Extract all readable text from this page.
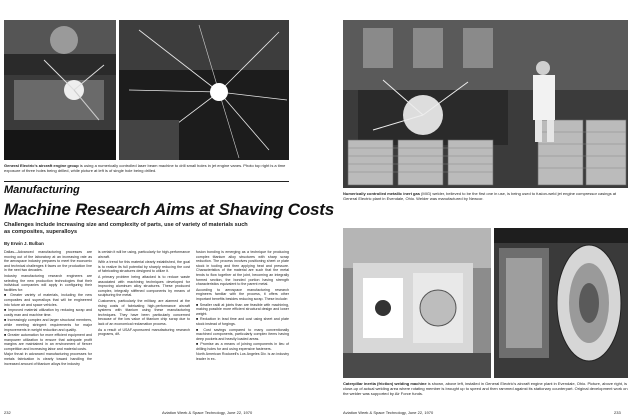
General Electric's aircraft engine group is using a numerically controlled laser beam machine to drill small holes in jet engine vanes. Photo top right is a time exposure of three holes being drilled, while picture at left is of single hole being drilled.
Manufacturing
Machine Research Aims at Shaving Costs
Challenges include increasing size and complexity of parts, use of variety of materials such as composites, superalloys
By Erwin J. Bulban

Dallas—Advanced manufacturing processes are moving out of the laboratory at an increasing rate as the aerospace industry prepares to meet the economic and technical challenges it faces on the production line in the next two decades.

Industry manufacturing research engineers are selecting the new production technologies that their individual companies will apply in configuring their facilities for:

■ Greater variety of materials, including the new composites and superalloys that will be engineered into future air and space vehicles.

■ Improved material utilization by reducing scrap and costly man and machine time.

■ Increasingly complex and larger structural members, while meeting stringent requirements for major improvements in weight reduction and quality.

■ Greater automation for more efficient equipment and manpower utilization to ensure that adequate profit margins are maintained in an environment of fiercer competition and increasing labor and material costs.

Major thrust in advanced manufacturing processes for metals fabrication is clearly toward handling the increased amount of titanium alloys the industry

is certain it will be using, particularly for high-performance aircraft.

With a trend for this material clearly established, the goal is to realize its full potential by sharply reducing the cost of fabricating structures designed to utilize it.

A primary problem being attacked is to reduce waste associated with machining techniques developed for improving aluminum alloy structures. These produced complex, integrally stiffened components by means of sculpturing the metal.

Customers, particularly the military, are alarmed at the rising costs of fabricating high-performance aircraft systems with titanium using these manufacturing techniques. They have been particularly concerned because of the low value of titanium chip scrap due to lack of an economical reclamation process.

As a result of USAF-sponsored manufacturing research programs, dif-

fusion bonding is emerging as a technique for producing complex titanium alloy structures with sharp scrap reduction. The process involves positioning sheet or plate stock in tooling and then applying heat and pressure. Characteristics of the material are such that the metal tends to flow together at the joint, becoming an integrally formed section, the bonded portion having strength characteristics equivalent to the parent metal.

According to aerospace manufacturing research engineers familiar with the process, it offers other important benefits besides reducing scrap. These include:

■ Smaller radii at joints than are feasible with machining, making possible more efficient structural design and lower weight.

■ Reduction in lead time and cost using sheet and plate stock instead of forgings.

■ Cost savings compared to many conventionally machined components, particularly complex items having deep pockets and heavily loaded areas.

■ Promise as a means of joining components in lieu of drilling holes for and using expensive fasteners.

North American Rockwell's Los Angeles Div. is an industry leader in ex-

232	Aviation Week & Space Technology, June 22, 1970
Numerically controlled metallic inert gas (MIG) welder, believed to be the first one in use, is being used to fusion-weld jet engine compressor casings at General Electric plant in Evendale, Ohio. Welder was manufactured by Newcor.
Caterpillar inertia (friction) welding machine is shown, above left, installed in General Electric's aircraft engine plant in Evendale, Ohio. Picture, above right, is close-up of actual welding area where rotating member is brought up to speed and then rammed against its stationary counterpart. Original development work on the welder was supported by Air Force funds.
Aviation Week & Space Technology, June 22, 1970	233
